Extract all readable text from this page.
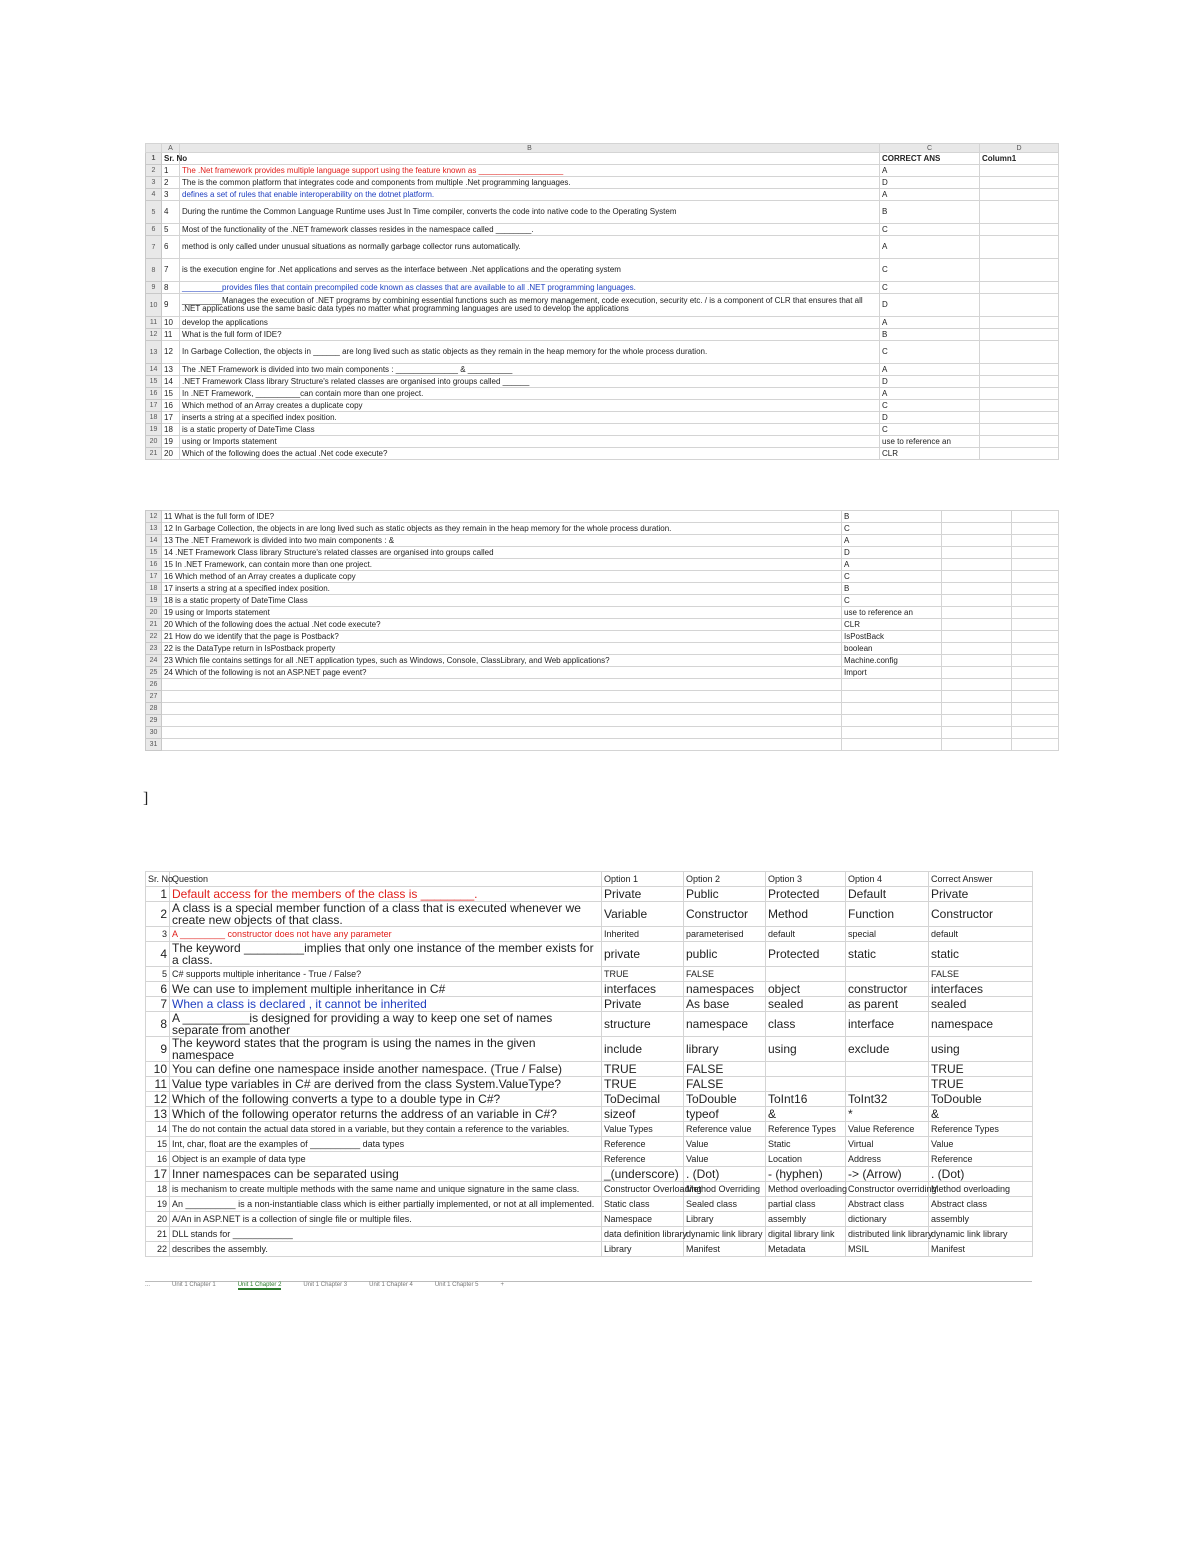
	A	B	C	D
1	Sr. No		CORRECT ANS	Column1
2	1	The .Net framework provides multiple language support using the feature known as ___________________	A	
3	2	The is the common platform that integrates code and components from multiple .Net programming languages.	D	
4	3	defines a set of rules that enable interoperability on the dotnet platform.	A	
5	4	During the runtime the Common Language Runtime uses Just In Time compiler, converts the code into native code to the Operating System	B	
6	5	Most of the functionality of the .NET framework classes resides in the namespace called ________.	C	
7	6	method is only called under unusual situations as normally garbage collector runs automatically.	A	
8	7	is the execution engine for .Net applications and serves as the interface between .Net applications and the operating system	C	
9	8	_________provides files that contain precompiled code known as classes that are available to all .NET programming languages.	C	
10	9	_________Manages the execution of .NET programs by combining essential functions such as memory management, code execution, security etc. / is a component of CLR that ensures that all .NET applications use the same basic data types no matter what programming languages are used to develop the applications	D	
11	10	develop the applications	A	
12	11	What is the full form of IDE?	B	
13	12	In Garbage Collection, the objects in ______ are long lived such as static objects as they remain in the heap memory for the whole process duration.	C	
14	13	The .NET Framework is divided into two main components : ______________ & __________	A	
15	14	.NET Framework Class library Structure's related classes are organised into groups called ______	D	
16	15	In .NET Framework, __________can contain more than one project.	A	
17	16	Which method of an Array creates a duplicate copy	C	
18	17	inserts a string at a specified index position.	D	
19	18	is a static property of DateTime Class	C	
20	19	using or Imports statement	use to reference an	
21	20	Which of the following does the actual .Net code execute?	CLR	
12	11 What is the full form of IDE?	B		
13	12 In Garbage Collection, the objects in are long lived such as static objects as they remain in the heap memory for the whole process duration.	C		
14	13 The .NET Framework is divided into two main components : &	A		
15	14 .NET Framework Class library Structure's related classes are organised into groups called	D		
16	15 In .NET Framework, can contain more than one project.	A		
17	16 Which method of an Array creates a duplicate copy	C		
18	17 inserts a string at a specified index position.	B		
19	18 is a static property of DateTime Class	C		
20	19 using or Imports statement	use to reference an		
21	20 Which of the following does the actual .Net code execute?	CLR		
22	21 How do we identify that the page is Postback?	IsPostBack		
23	22 is the DataType return in IsPostback property	boolean		
24	23 Which file contains settings for all .NET application types, such as Windows, Console, ClassLibrary, and Web applications?	Machine.config		
25	24 Which of the following is not an ASP.NET page event?	Import		
26				
27				
28				
29				
30				
31				
]
Sr. No	Question	Option 1	Option 2	Option 3	Option 4	Correct Answer
1	Default access for the members of the class is ________.	Private	Public	Protected	Default	Private
2	A class is a special member function of a class that is executed whenever we create new objects of that class.	Variable	Constructor	Method	Function	Constructor
3	A _________ constructor does not have any parameter	Inherited	parameterised	default	special	default
4	The keyword _________implies that only one instance of the member exists for a class.	private	public	Protected	static	static
5	C# supports multiple inheritance - True / False?	TRUE	FALSE			FALSE
6	We can use to implement multiple inheritance in C#	interfaces	namespaces	object	constructor	interfaces
7	When a class is declared , it cannot be inherited	Private	As base	sealed	as parent	sealed
8	A __________is designed for providing a way to keep one set of names separate from another	structure	namespace	class	interface	namespace
9	The keyword states that the program is using the names in the given namespace	include	library	using	exclude	using
10	You can define one namespace inside another namespace. (True / False)	TRUE	FALSE			TRUE
11	Value type variables in C# are derived from the class System.ValueType?	TRUE	FALSE			TRUE
12	Which of the following converts a type to a double type in C#?	ToDecimal	ToDouble	ToInt16	ToInt32	ToDouble
13	Which of the following operator returns the address of an variable in C#?	sizeof	typeof	&	*	&
14	The do not contain the actual data stored in a variable, but they contain a reference to the variables.	Value Types	Reference value	Reference Types	Value Reference	Reference Types
15	Int, char, float are the examples of __________ data types	Reference	Value	Static	Virtual	Value
16	Object is an example of data type	Reference	Value	Location	Address	Reference
17	Inner namespaces can be separated using	_(underscore)	. (Dot)	- (hyphen)	-> (Arrow)	. (Dot)
18	is mechanism to create multiple methods with the same name and unique signature in the same class.	Constructor Overloading	Method Overriding	Method overloading	Constructor overriding	Method overloading
19	An __________ is a non-instantiable class which is either partially implemented, or not at all implemented.	Static class	Sealed class	partial class	Abstract class	Abstract class
20	A/An in ASP.NET is a collection of single file or multiple files.	Namespace	Library	assembly	dictionary	assembly
21	DLL stands for ____________	data definition library	dynamic link library	digital library link	distributed link library	dynamic link library
22	describes the assembly.	Library	Manifest	Metadata	MSIL	Manifest
...	Unit 1 Chapter 1	Unit 1 Chapter 2	Unit 1 Chapter 3	Unit 1 Chapter 4	Unit 1 Chapter 5	+
